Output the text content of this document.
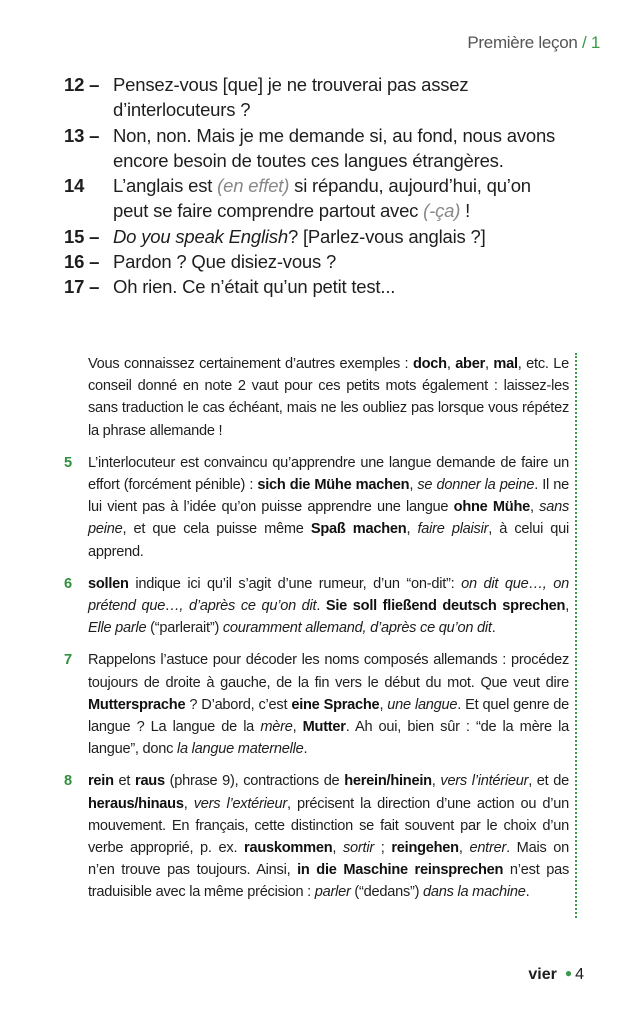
Première leçon / 1
12 – Pensez-vous [que] je ne trouverai pas assez
d’interlocuteurs ?
13 – Non, non. Mais je me demande si, au fond, nous avons
encore besoin de toutes ces langues étrangères.
14	L’anglais est (en effet) si répandu, aujourd’hui, qu’on
peut se faire comprendre partout avec (-ça) !
15 – Do you speak English? [Parlez-vous anglais ?]
16 – Pardon ? Que disiez-vous ?
17 – Oh rien. Ce n’était qu’un petit test...
Vous connaissez certainement d’autres exemples : doch, aber, mal, etc. Le conseil donné en note 2 vaut pour ces petits mots également : laissez-les sans traduction le cas échéant, mais ne les oubliez pas lorsque vous répétez la phrase allemande !
5	L’interlocuteur est convaincu qu’apprendre une langue demande de faire un effort (forcément pénible) : sich die Mühe machen, se donner la peine. Il ne lui vient pas à l’idée qu’on puisse apprendre une langue ohne Mühe, sans peine, et que cela puisse même Spaß machen, faire plaisir, à celui qui apprend.
6	sollen indique ici qu’il s’agit d’une rumeur, d’un “on-dit”: on dit que…, on prétend que…, d’après ce qu’on dit. Sie soll fließend deutsch sprechen, Elle parle (“parlerait”) couramment allemand, d’après ce qu’on dit.
7	Rappelons l’astuce pour décoder les noms composés allemands : procédez toujours de droite à gauche, de la fin vers le début du mot. Que veut dire Muttersprache ? D’abord, c’est eine Sprache, une langue. Et quel genre de langue ? La langue de la mère, Mutter. Ah oui, bien sûr : “de la mère la langue”, donc la langue maternelle.
8	rein et raus (phrase 9), contractions de herein/hinein, vers l’intérieur, et de heraus/hinaus, vers l’extérieur, précisent la direction d’une action ou d’un mouvement. En français, cette distinction se fait souvent par le choix d’un verbe approprié, p. ex. rauskommen, sortir ; reingehen, entrer. Mais on n’en trouve pas toujours. Ainsi, in die Maschine reinsprechen n’est pas traduisible avec la même précision : parler (“dedans”) dans la machine.
vier ● 4
